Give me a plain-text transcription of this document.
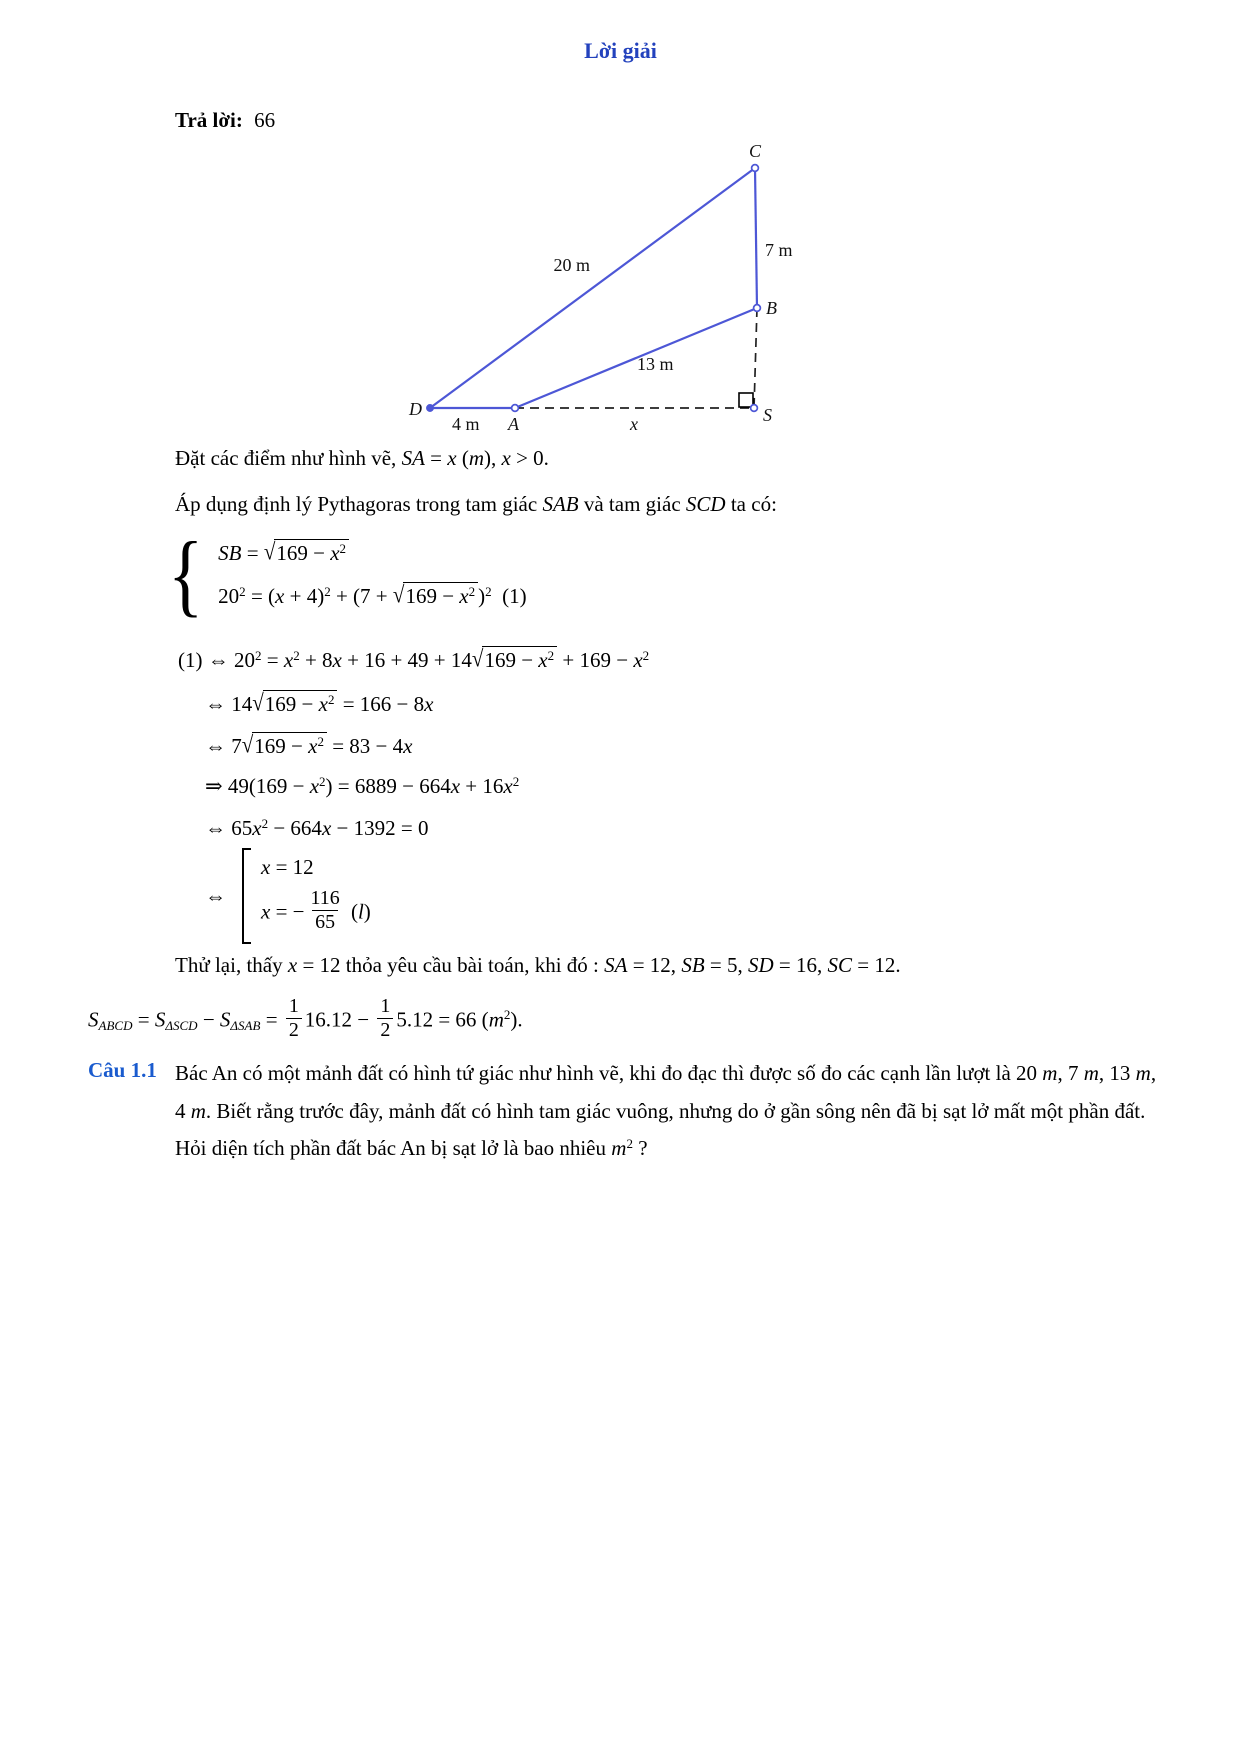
Lời giải
Trả lời: 66
C
B
S
A
D
20 m
7 m
13 m
4 m	x
Đặt các điểm như hình vẽ, SA = x (m), x > 0.
Áp dụng định lý Pythagoras trong tam giác SAB và tam giác SCD ta có:
{ SB = $√169 - x^2$
$20^2 = (x + 4)^2 + (7 + √169 - x^2$ )$^2$  (1)
(1) ⇔ $20^2 = x^2 + 8x + 16 + 49 + 14√169 - x^2 + 169 - x^2$
⇔ $14√169 - x^2 = 166 - 8x$
⇔ $7√169 - x^2 = 83 - 4x$
⇒ $49(169 - x^2) = 6889 - 664x + 16x^2$
⇔ $65x^2 - 664x - 1392 = 0$
⇔
x = 12
x = − $\frac{116}{65} (l)$
Thử lại, thấy x = 12 thỏa yêu cầu bài toán, khi đó : SA = 12, SB = 5, SD = 16, SC = 12.
$S_{ABCD} = S_{\Delta SCD} - S_{\Delta SAB} = \frac{1}{2} 16.12 - \frac{1}{2} 5.12 = 66$ $(m^2)$.
Câu 1.1 Bác An có một mảnh đất có hình tứ giác như hình vẽ, khi đo đạc thì được số đo các cạnh lần lượt là 20 m, 7 m, 13 m, 4 m. Biết rằng trước đây, mảnh đất có hình tam giác vuông, nhưng do ở gần sông nên đã bị sạt lở mất một phần đất. Hỏi diện tích phần đất bác An bị sạt lở là bao nhiêu $m^2$ ?
